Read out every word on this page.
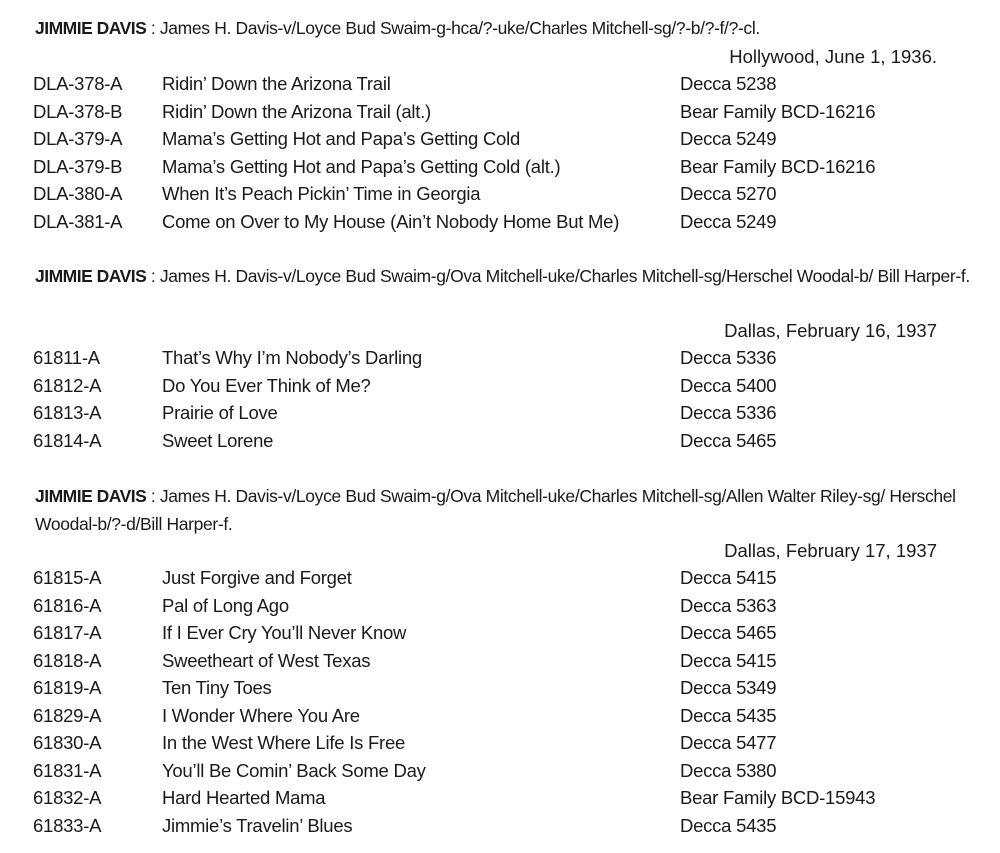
JIMMIE DAVIS : James H. Davis-v/Loyce Bud Swaim-g-hca/?-uke/Charles Mitchell-sg/?-b/?-f/?-cl.
Hollywood, June 1, 1936.
DLA-378-A Ridin’ Down the Arizona Trail	Decca 5238
DLA-378-B Ridin’ Down the Arizona Trail (alt.)	Bear Family BCD-16216
DLA-379-A Mama’s Getting Hot and Papa’s Getting Cold	Decca 5249
DLA-379-B Mama’s Getting Hot and Papa’s Getting Cold (alt.)	Bear Family BCD-16216
DLA-380-A When It’s Peach Pickin’ Time in Georgia	Decca 5270
DLA-381-A Come on Over to My House (Ain’t Nobody Home But Me)	Decca 5249
JIMMIE DAVIS : James H. Davis-v/Loyce Bud Swaim-g/Ova Mitchell-uke/Charles Mitchell-sg/Herschel Woodal-b/ Bill Harper-f.
Dallas, February 16, 1937
61811-A	That’s Why I’m Nobody’s Darling	Decca 5336
61812-A	Do You Ever Think of Me?	Decca 5400
61813-A	Prairie of Love	Decca 5336
61814-A	Sweet Lorene	Decca 5465
JIMMIE DAVIS : James H. Davis-v/Loyce Bud Swaim-g/Ova Mitchell-uke/Charles Mitchell-sg/Allen Walter Riley-sg/ Herschel Woodal-b/?-d/Bill Harper-f.
Dallas, February 17, 1937
61815-A	Just Forgive and Forget	Decca 5415
61816-A	Pal of Long Ago	Decca 5363
61817-A	If I Ever Cry You’ll Never Know	Decca 5465
61818-A	Sweetheart of West Texas	Decca 5415
61819-A	Ten Tiny Toes	Decca 5349
61829-A	I Wonder Where You Are	Decca 5435
61830-A	In the West Where Life Is Free	Decca 5477
61831-A	You’ll Be Comin’ Back Some Day	Decca 5380
61832-A	Hard Hearted Mama	Bear Family BCD-15943
61833-A	Jimmie’s Travelin’ Blues	Decca 5435
